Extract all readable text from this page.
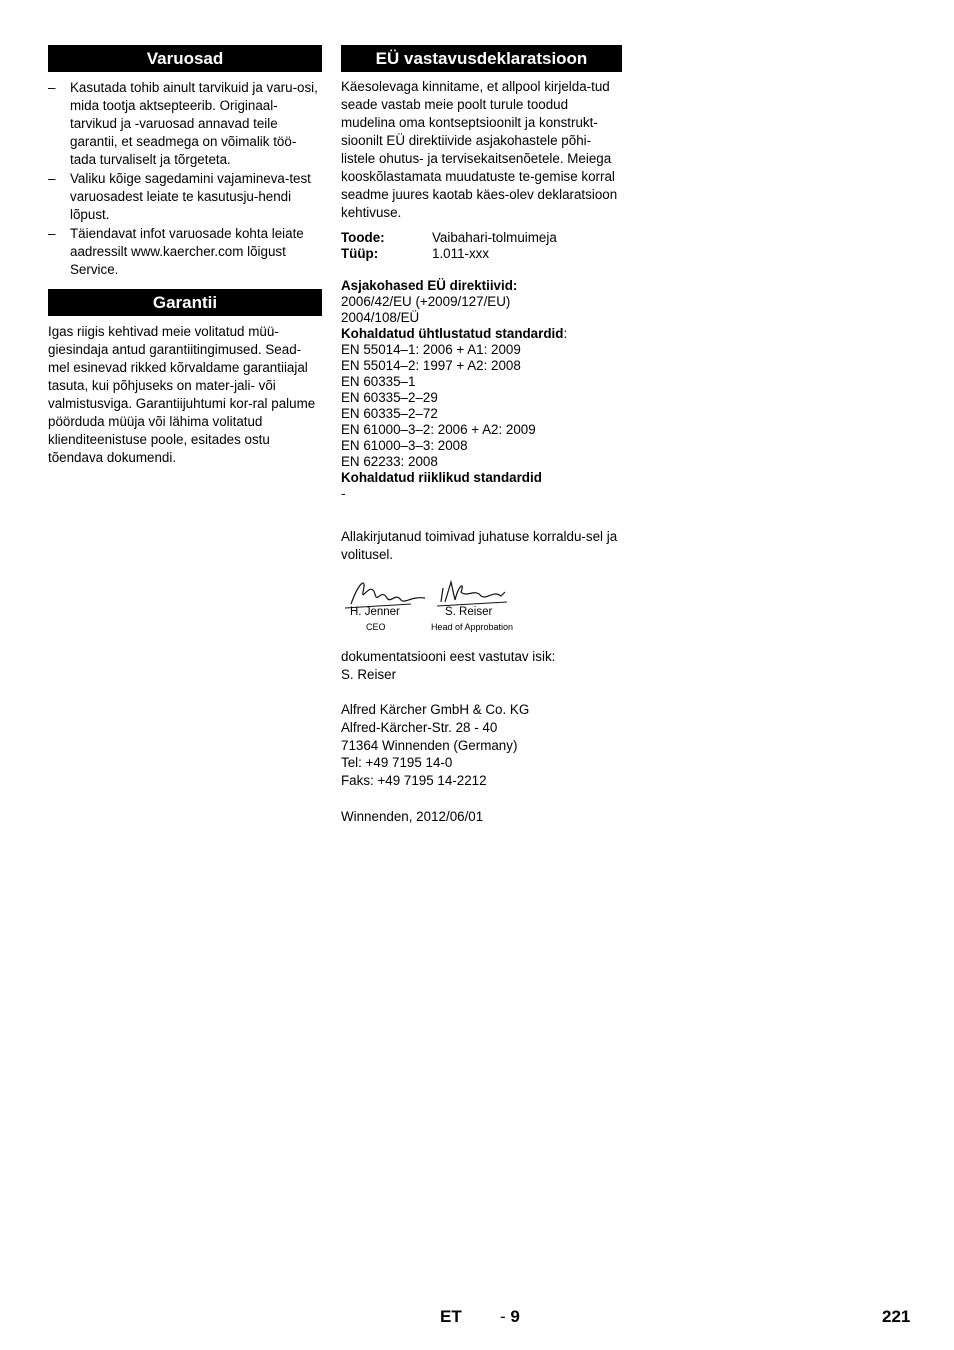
Varuosad
– Kasutada tohib ainult tarvikuid ja varu-osi, mida tootja aktsepteerib. Originaal-tarvikud ja -varuosad annavad teile garantii, et seadmega on võimalik töö-tada turvaliselt ja tõrgeteta.
– Valiku kõige sagedamini vajamineva-test varuosadest leiate te kasutusju-hendi lõpust.
– Täiendavat infot varuosade kohta leiate aadressilt www.kaercher.com lõigust Service.
Garantii

Igas riigis kehtivad meie volitatud müü-giesindaja antud garantiitingimused. Sead-mel esinevad rikked kõrvaldame garantiiajal tasuta, kui põhjuseks on mater-jali- või valmistusviga. Garantiijuhtumi kor-ral palume pöörduda müüja või lähima volitatud klienditeenistuse poole, esitades ostu tõendava dokumendi.

EÜ vastavusdeklaratsioon

Käesolevaga kinnitame, et allpool kirjelda-tud seade vastab meie poolt turule toodud mudelina oma kontseptsioonilt ja konstrukt-sioonilt EÜ direktiivide asjakohastele põhi-listele ohutus- ja tervisekaitsenõetele. Meiega kooskõlastamata muudatuste te-gemise korral seadme juures kaotab käes-olev deklaratsioon kehtivuse.

Toode:	Vaibahari-tolmuimeja
Tüüp:	1.011-xxx
Asjakohased EÜ direktiivid:
2006/42/EU (+2009/127/EU)
2004/108/EÜ
Kohaldatud ühtlustatud standardid:
EN 55014–1: 2006 + A1: 2009
EN 55014–2: 1997 + A2: 2008
EN 60335–1
EN 60335–2–29
EN 60335–2–72
EN 61000–3–2: 2006 + A2: 2009
EN 61000–3–3: 2008
EN 62233: 2008
Kohaldatud riiklikud standardid
-

Allakirjutanud toimivad juhatuse korraldu-sel ja volitusel.

H. Jenner
CEO
S. Reiser
Head of Approbation
dokumentatsiooni eest vastutav isik:
S. Reiser
Alfred Kärcher GmbH & Co. KG
Alfred-Kärcher-Str. 28 - 40
71364 Winnenden (Germany)
Tel: +49 7195 14-0
Faks: +49 7195 14-2212
Winnenden, 2012/06/01
ET - 9	221
